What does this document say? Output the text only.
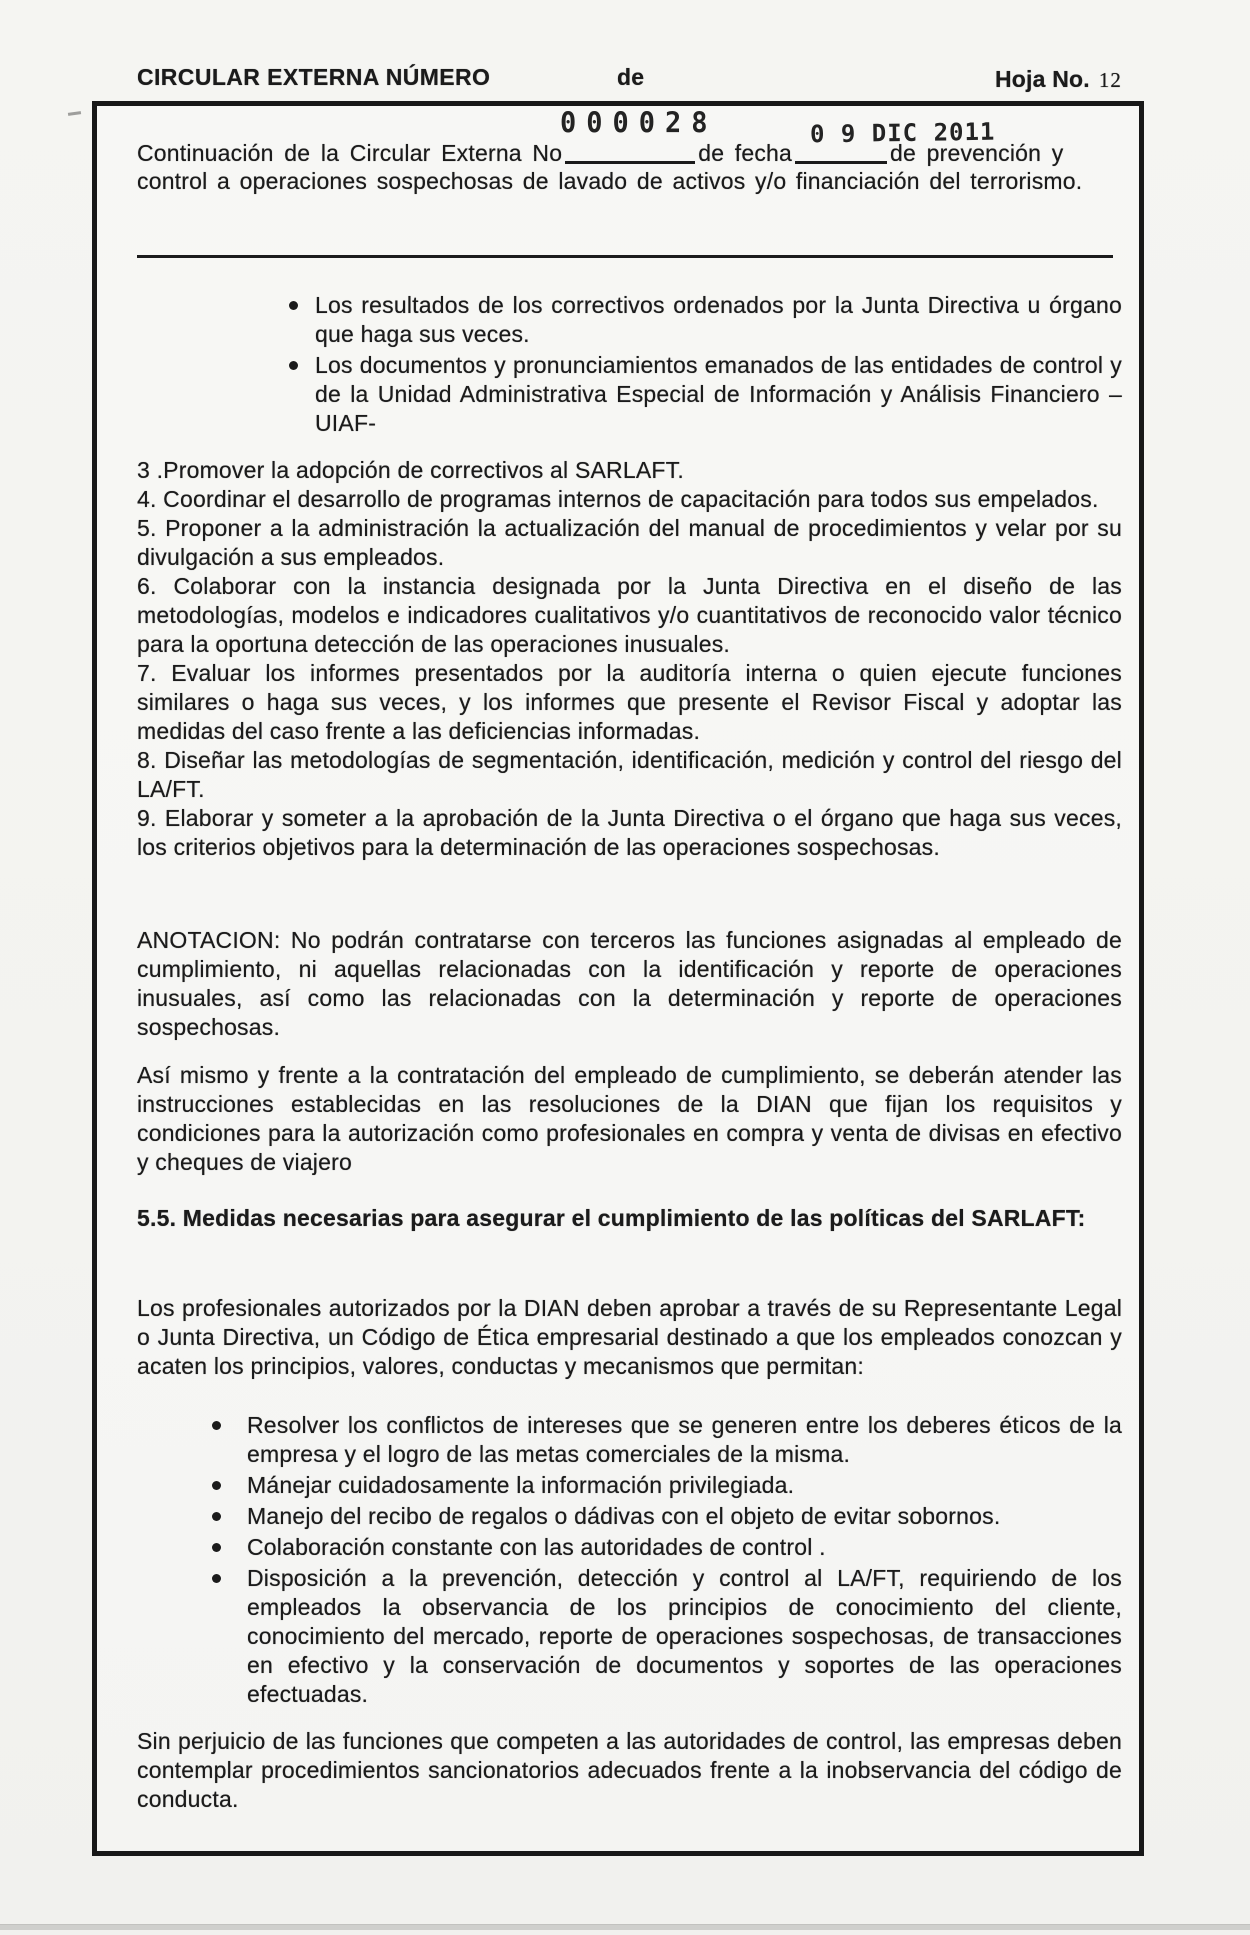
CIRCULAR EXTERNA NÚMERO	de	Hoja No. 12
000028	0 9 DIC 2011
Continuación de la Circular Externa No	de fecha	de prevención y
control a operaciones sospechosas de lavado de activos y/o financiación del terrorismo.
Los resultados de los correctivos ordenados por la Junta Directiva u órgano que haga sus veces.
Los documentos y pronunciamientos emanados de las entidades de control y de la Unidad Administrativa Especial de Información y Análisis Financiero – UIAF-

3 .Promover la adopción de correctivos al SARLAFT.

4. Coordinar el desarrollo de programas internos de capacitación para todos sus empelados.

5. Proponer a la administración la actualización del manual de procedimientos y velar por su divulgación a sus empleados.

6. Colaborar con la instancia designada por la Junta Directiva en el diseño de las metodologías, modelos e indicadores cualitativos y/o cuantitativos de reconocido valor técnico para la oportuna detección de las operaciones inusuales.

7. Evaluar los informes presentados por la auditoría interna o quien ejecute funciones similares o haga sus veces, y los informes que presente el Revisor Fiscal y adoptar las medidas del caso frente a las deficiencias informadas.

8. Diseñar las metodologías de segmentación, identificación, medición y control del riesgo del LA/FT.

9. Elaborar y someter a la aprobación de la Junta Directiva o el órgano que haga sus veces, los criterios objetivos para la determinación de las operaciones sospechosas.

ANOTACION: No podrán contratarse con terceros las funciones asignadas al empleado de cumplimiento, ni aquellas relacionadas con la identificación y reporte de operaciones inusuales, así como las relacionadas con la determinación y reporte de operaciones sospechosas.
Así mismo y frente a la contratación del empleado de cumplimiento, se deberán atender las instrucciones establecidas en las resoluciones de la DIAN que fijan los requisitos y condiciones para la autorización como profesionales en compra y venta de divisas en efectivo y cheques de viajero
5.5. Medidas necesarias para asegurar el cumplimiento de las políticas del SARLAFT:
Los profesionales autorizados por la DIAN deben aprobar a través de su Representante Legal o Junta Directiva, un Código de Ética empresarial destinado a que los empleados conozcan y acaten los principios, valores, conductas y mecanismos que permitan:
Resolver los conflictos de intereses que se generen entre los deberes éticos de la empresa y el logro de las metas comerciales de la misma.
Mánejar cuidadosamente la información privilegiada.
Manejo del recibo de regalos o dádivas con el objeto de evitar sobornos.
Colaboración constante con las autoridades de control .
Disposición a la prevención, detección y control al LA/FT, requiriendo de los empleados la observancia de los principios de conocimiento del cliente, conocimiento del mercado, reporte de operaciones sospechosas, de transacciones en efectivo y la conservación de documentos y soportes de las operaciones efectuadas.
Sin perjuicio de las funciones que competen a las autoridades de control, las empresas deben contemplar procedimientos sancionatorios adecuados frente a la inobservancia del código de conducta.
